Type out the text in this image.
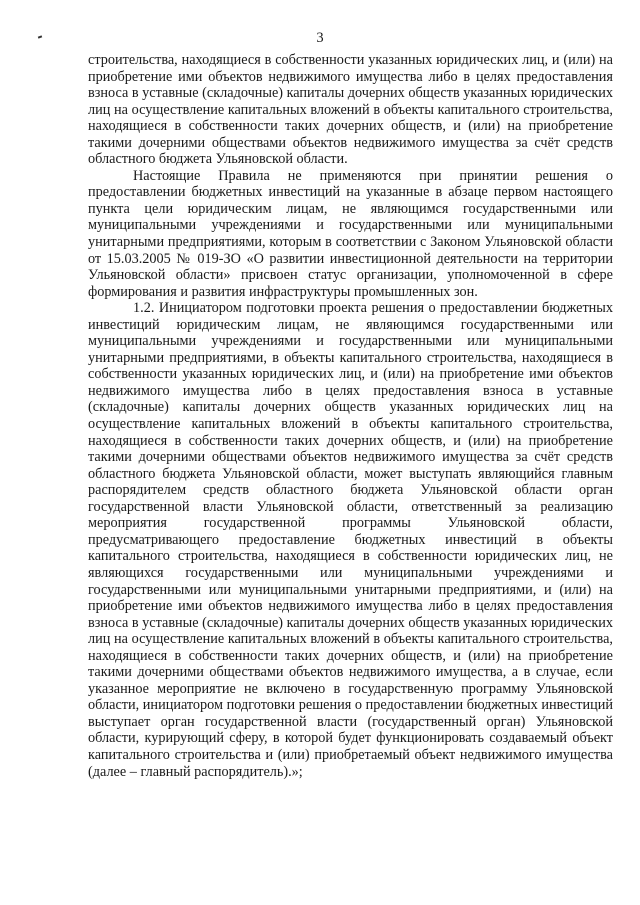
3

строительства, находящиеся в собственности указанных юридических лиц, и (или) на приобретение ими объектов недвижимого имущества либо в целях предоставления взноса в уставные (складочные) капиталы дочерних обществ указанных юридических лиц на осуществление капитальных вложений в объекты капитального строительства, находящиеся в собственности таких дочерних обществ, и (или) на приобретение такими дочерними обществами объектов недвижимого имущества за счёт средств областного бюджета Ульяновской области.

Настоящие Правила не применяются при принятии решения о предоставлении бюджетных инвестиций на указанные в абзаце первом настоящего пункта цели юридическим лицам, не являющимся государственными или муниципальными учреждениями и государственными или муниципальными унитарными предприятиями, которым в соответствии с Законом Ульяновской области от 15.03.2005 № 019-ЗО «О развитии инвестиционной деятельности на территории Ульяновской области» присвоен статус организации, уполномоченной в сфере формирования и развития инфраструктуры промышленных зон.

1.2. Инициатором подготовки проекта решения о предоставлении бюджетных инвестиций юридическим лицам, не являющимся государственными или муниципальными учреждениями и государственными или муниципальными унитарными предприятиями, в объекты капитального строительства, находящиеся в собственности указанных юридических лиц, и (или) на приобретение ими объектов недвижимого имущества либо в целях предоставления взноса в уставные (складочные) капиталы дочерних обществ указанных юридических лиц на осуществление капитальных вложений в объекты капитального строительства, находящиеся в собственности таких дочерних обществ, и (или) на приобретение такими дочерними обществами объектов недвижимого имущества за счёт средств областного бюджета Ульяновской области, может выступать являющийся главным распорядителем средств областного бюджета Ульяновской области орган государственной власти Ульяновской области, ответственный за реализацию мероприятия государственной программы Ульяновской области, предусматривающего предоставление бюджетных инвестиций в объекты капитального строительства, находящиеся в собственности юридических лиц, не являющихся государственными или муниципальными учреждениями и государственными или муниципальными унитарными предприятиями, и (или) на приобретение ими объектов недвижимого имущества либо в целях предоставления взноса в уставные (складочные) капиталы дочерних обществ указанных юридических лиц на осуществление капитальных вложений в объекты капитального строительства, находящиеся в собственности таких дочерних обществ, и (или) на приобретение такими дочерними обществами объектов недвижимого имущества, а в случае, если указанное мероприятие не включено в государственную программу Ульяновской области, инициатором подготовки решения о предоставлении бюджетных инвестиций выступает орган государственной власти (государственный орган) Ульяновской области, курирующий сферу, в которой будет функционировать создаваемый объект капитального строительства и (или) приобретаемый объект недвижимого имущества (далее – главный распорядитель).»;
